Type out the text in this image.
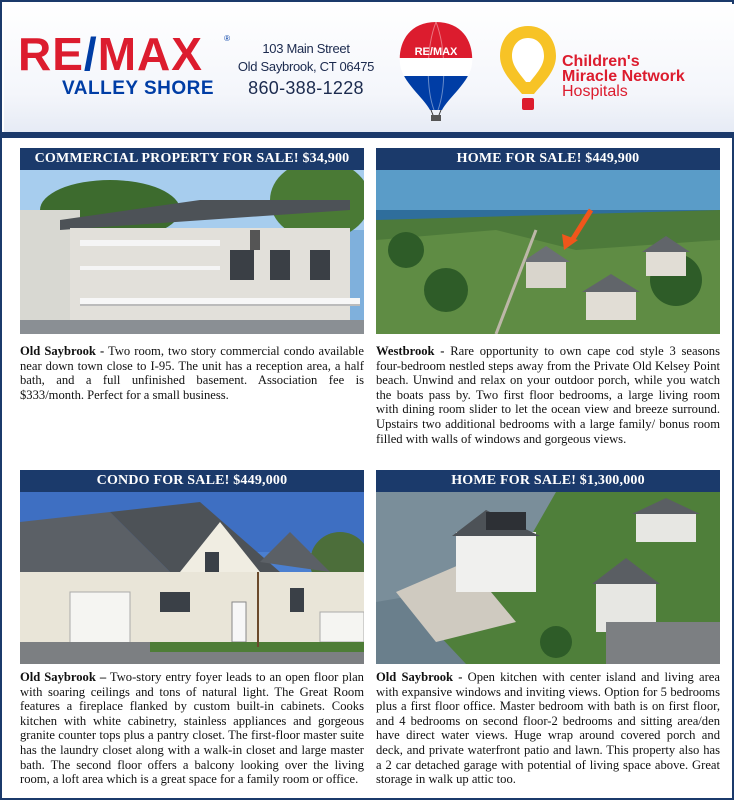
RE/MAX	®
VALLEY SHORE
103 Main Street
Old Saybrook, CT 06475
860-388-1228
RE/MAX
Children's
Miracle Network
Hospitals
COMMERCIAL PROPERTY FOR SALE! $34,900
Old Saybrook - Two room, two story commercial condo available near down town close to I-95. The unit has a reception area, a half bath, and a full unfinished basement. Association fee is $333/month. Perfect for a small business.
HOME FOR SALE! $449,900
Westbrook - Rare opportunity to own cape cod style 3 seasons four-bedroom nestled steps away from the Private Old Kelsey Point beach. Unwind and relax on your outdoor porch, while you watch the boats pass by. Two first floor bedrooms, a large living room with dining room slider to let the ocean view and breeze surround. Upstairs two additional bedrooms with a large family/ bonus room filled with walls of windows and gorgeous views.
CONDO FOR SALE! $449,000
Old Saybrook – Two-story entry foyer leads to an open floor plan with soaring ceilings and tons of natural light. The Great Room features a fireplace flanked by custom built-in cabinets. Cooks kitchen with white cabinetry, stainless appliances and gorgeous granite counter tops plus a pantry closet. The first-floor master suite has the laundry closet along with a walk-in closet and large master bath. The second floor offers a balcony looking over the living room, a loft area which is a great space for a family room or office.
HOME FOR SALE! $1,300,000
Old Saybrook - Open kitchen with center island and living area with expansive windows and inviting views. Option for 5 bedrooms plus a first floor office. Master bedroom with bath is on first floor, and 4 bedrooms on second floor-2 bedrooms and sitting area/den have direct water views. Huge wrap around covered porch and deck, and private waterfront patio and lawn. This property also has a 2 car detached garage with potential of living space above. Great storage in walk up attic too.
